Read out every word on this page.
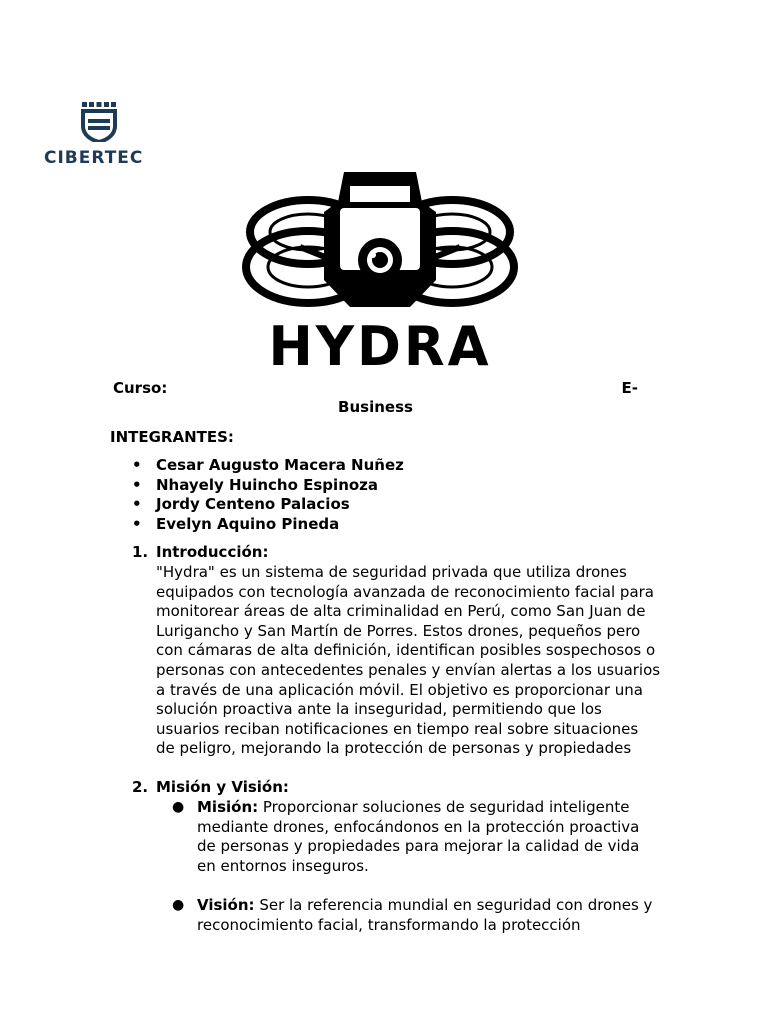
CIBERTEC
HYDRA
Curso:	E-
Business
INTEGRANTES:
• Cesar Augusto Macera Nuñez
• Nhayely Huincho Espinoza
• Jordy Centeno Palacios
• Evelyn Aquino Pineda
1. Introducción:

"Hydra" es un sistema de seguridad privada que utiliza drones equipados con tecnología avanzada de reconocimiento facial para monitorear áreas de alta criminalidad en Perú, como San Juan de Lurigancho y San Martín de Porres. Estos drones, pequeños pero con cámaras de alta definición, identifican posibles sospechosos o personas con antecedentes penales y envían alertas a los usuarios a través de una aplicación móvil. El objetivo es proporcionar una solución proactiva ante la inseguridad, permitiendo que los usuarios reciban notificaciones en tiempo real sobre situaciones de peligro, mejorando la protección de personas y propiedades

2. Misión y Visión:
● Misión: Proporcionar soluciones de seguridad inteligente mediante drones, enfocándonos en la protección proactiva de personas y propiedades para mejorar la calidad de vida en entornos inseguros.
● Visión: Ser la referencia mundial en seguridad con drones y reconocimiento facial, transformando la protección
